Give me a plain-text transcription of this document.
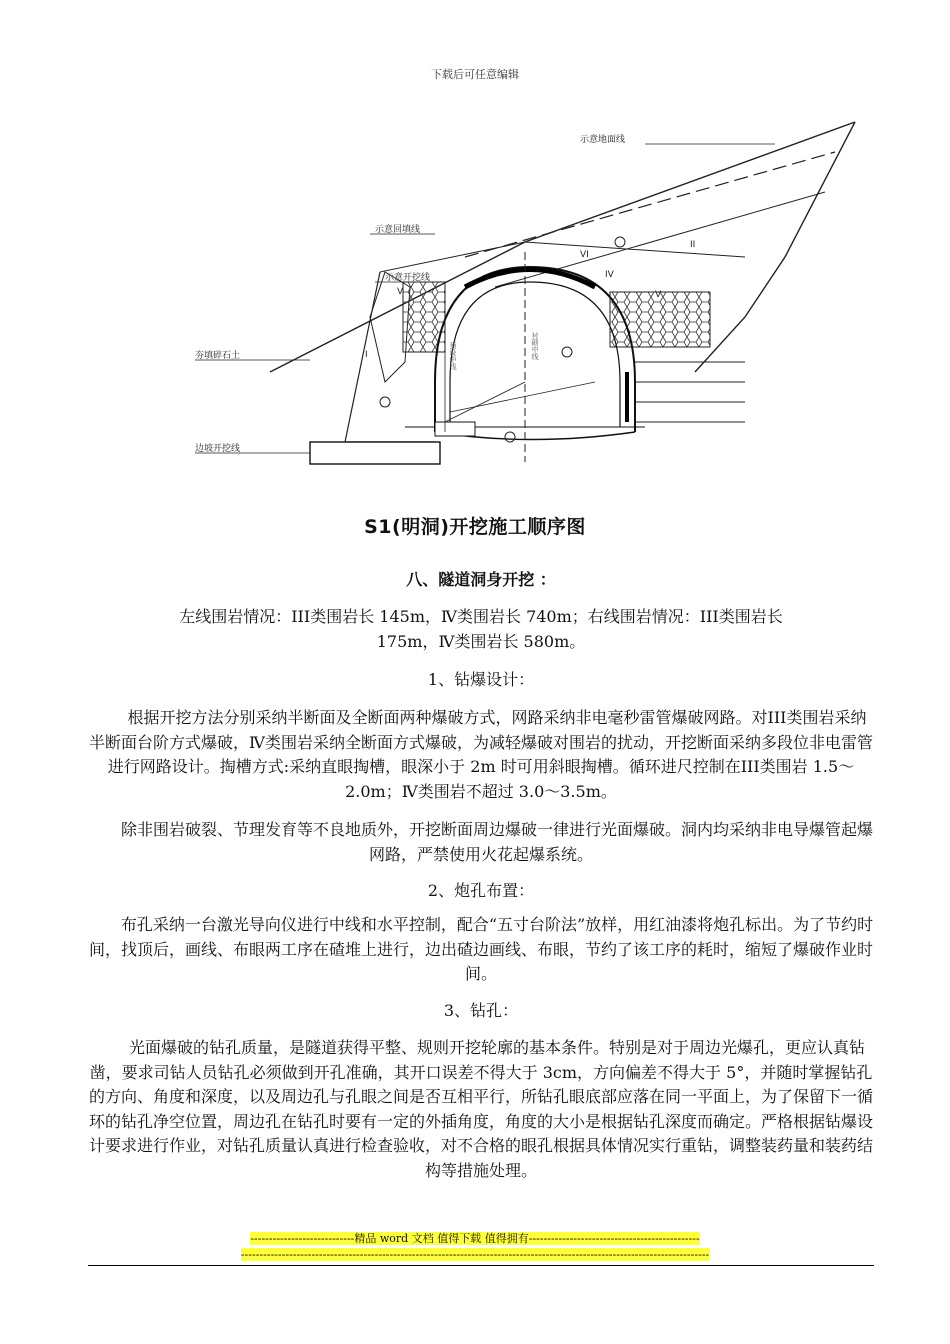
下载后可任意编辑
示意地面线
示意回填线
示意开挖线
夯填碎石土
边坡开挖线
I
II
IV
V	V
VI
预设中线	衬砌中线
S1(明洞)开挖施工顺序图
八、隧道洞身开挖 ：
左线围岩情况：III类围岩长 145m，Ⅳ类围岩长 740m；右线围岩情况：III类围岩长
175m，Ⅳ类围岩长 580m。
1、钻爆设计：
根据开挖方法分别采纳半断面及全断面两种爆破方式，网路采纳非电毫秒雷管爆破网路。对III类围岩采纳半断面台阶方式爆破，Ⅳ类围岩采纳全断面方式爆破，为减轻爆破对围岩的扰动，开挖断面采纳多段位非电雷管进行网路设计。掏槽方式:采纳直眼掏槽，眼深小于 2m 时可用斜眼掏槽。循环进尺控制在III类围岩 1.5～2.0m；Ⅳ类围岩不超过 3.0～3.5m。
除非围岩破裂、节理发育等不良地质外，开挖断面周边爆破一律进行光面爆破。洞内均采纳非电导爆管起爆网路，严禁使用火花起爆系统。
2、炮孔布置：
布孔采纳一台激光导向仪进行中线和水平控制，配合“五寸台阶法”放样，用红油漆将炮孔标出。为了节约时间，找顶后，画线、布眼两工序在碴堆上进行，边出碴边画线、布眼，节约了该工序的耗时，缩短了爆破作业时间。
3、钻孔：
光面爆破的钻孔质量，是隧道获得平整、规则开挖轮廓的基本条件。特别是对于周边光爆孔，更应认真钻凿，要求司钻人员钻孔必须做到开孔准确，其开口误差不得大于 3cm，方向偏差不得大于 5°，并随时掌握钻孔的方向、角度和深度，以及周边孔与孔眼之间是否互相平行，所钻孔眼底部应落在同一平面上，为了保留下一循环的钻孔净空位置，周边孔在钻孔时要有一定的外插角度，角度的大小是根据钻孔深度而确定。严格根据钻爆设计要求进行作业，对钻孔质量认真进行检查验收，对不合格的眼孔根据具体情况实行重钻，调整装药量和装药结构等措施处理。
----------------------------精品 word 文档 值得下载 值得拥有----------------------------------------------
------------------------------------------------------------------------------------------------------------------------------
